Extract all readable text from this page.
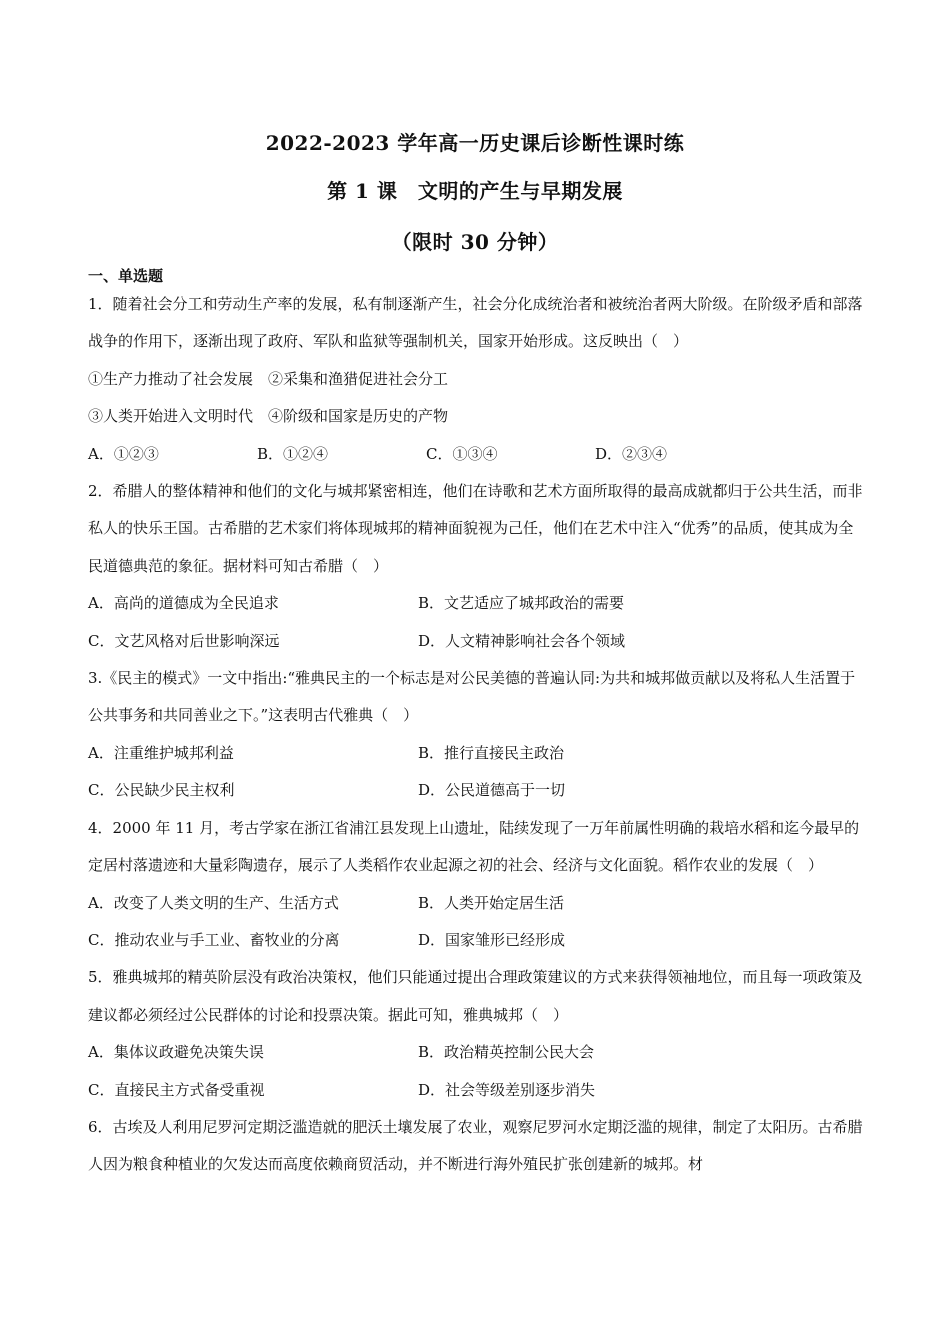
2022-2023 学年高一历史课后诊断性课时练
第 1 课　文明的产生与早期发展
（限时 30 分钟）
一、单选题

1．随着社会分工和劳动生产率的发展，私有制逐渐产生，社会分化成统治者和被统治者两大阶级。在阶级矛盾和部落战争的作用下，逐渐出现了政府、军队和监狱等强制机关，国家开始形成。这反映出（　）

①生产力推动了社会发展　②采集和渔猎促进社会分工

③人类开始进入文明时代　④阶级和国家是历史的产物

A．①②③	B．①②④	C．①③④	D．②③④

2．希腊人的整体精神和他们的文化与城邦紧密相连，他们在诗歌和艺术方面所取得的最高成就都归于公共生活，而非私人的快乐王国。古希腊的艺术家们将体现城邦的精神面貌视为己任，他们在艺术中注入“优秀”的品质，使其成为全民道德典范的象征。据材料可知古希腊（　）

A．高尚的道德成为全民追求	B．文艺适应了城邦政治的需要
C．文艺风格对后世影响深远	D．人文精神影响社会各个领域

3.《民主的模式》一文中指出:“雅典民主的一个标志是对公民美德的普遍认同:为共和城邦做贡献以及将私人生活置于公共事务和共同善业之下。”这表明古代雅典（　）

A．注重维护城邦利益	B．推行直接民主政治
C．公民缺少民主权利	D．公民道德高于一切

4．2000 年 11 月，考古学家在浙江省浦江县发现上山遗址，陆续发现了一万年前属性明确的栽培水稻和迄今最早的定居村落遗迹和大量彩陶遗存，展示了人类稻作农业起源之初的社会、经济与文化面貌。稻作农业的发展（　）

A．改变了人类文明的生产、生活方式	B．人类开始定居生活
C．推动农业与手工业、畜牧业的分离	D．国家雏形已经形成

5．雅典城邦的精英阶层没有政治决策权，他们只能通过提出合理政策建议的方式来获得领袖地位，而且每一项政策及建议都必须经过公民群体的讨论和投票决策。据此可知，雅典城邦（　）

A．集体议政避免决策失误	B．政治精英控制公民大会
C．直接民主方式备受重视	D．社会等级差别逐步消失

6．古埃及人利用尼罗河定期泛滥造就的肥沃土壤发展了农业，观察尼罗河水定期泛滥的规律，制定了太阳历。古希腊人因为粮食种植业的欠发达而高度依赖商贸活动，并不断进行海外殖民扩张创建新的城邦。材
